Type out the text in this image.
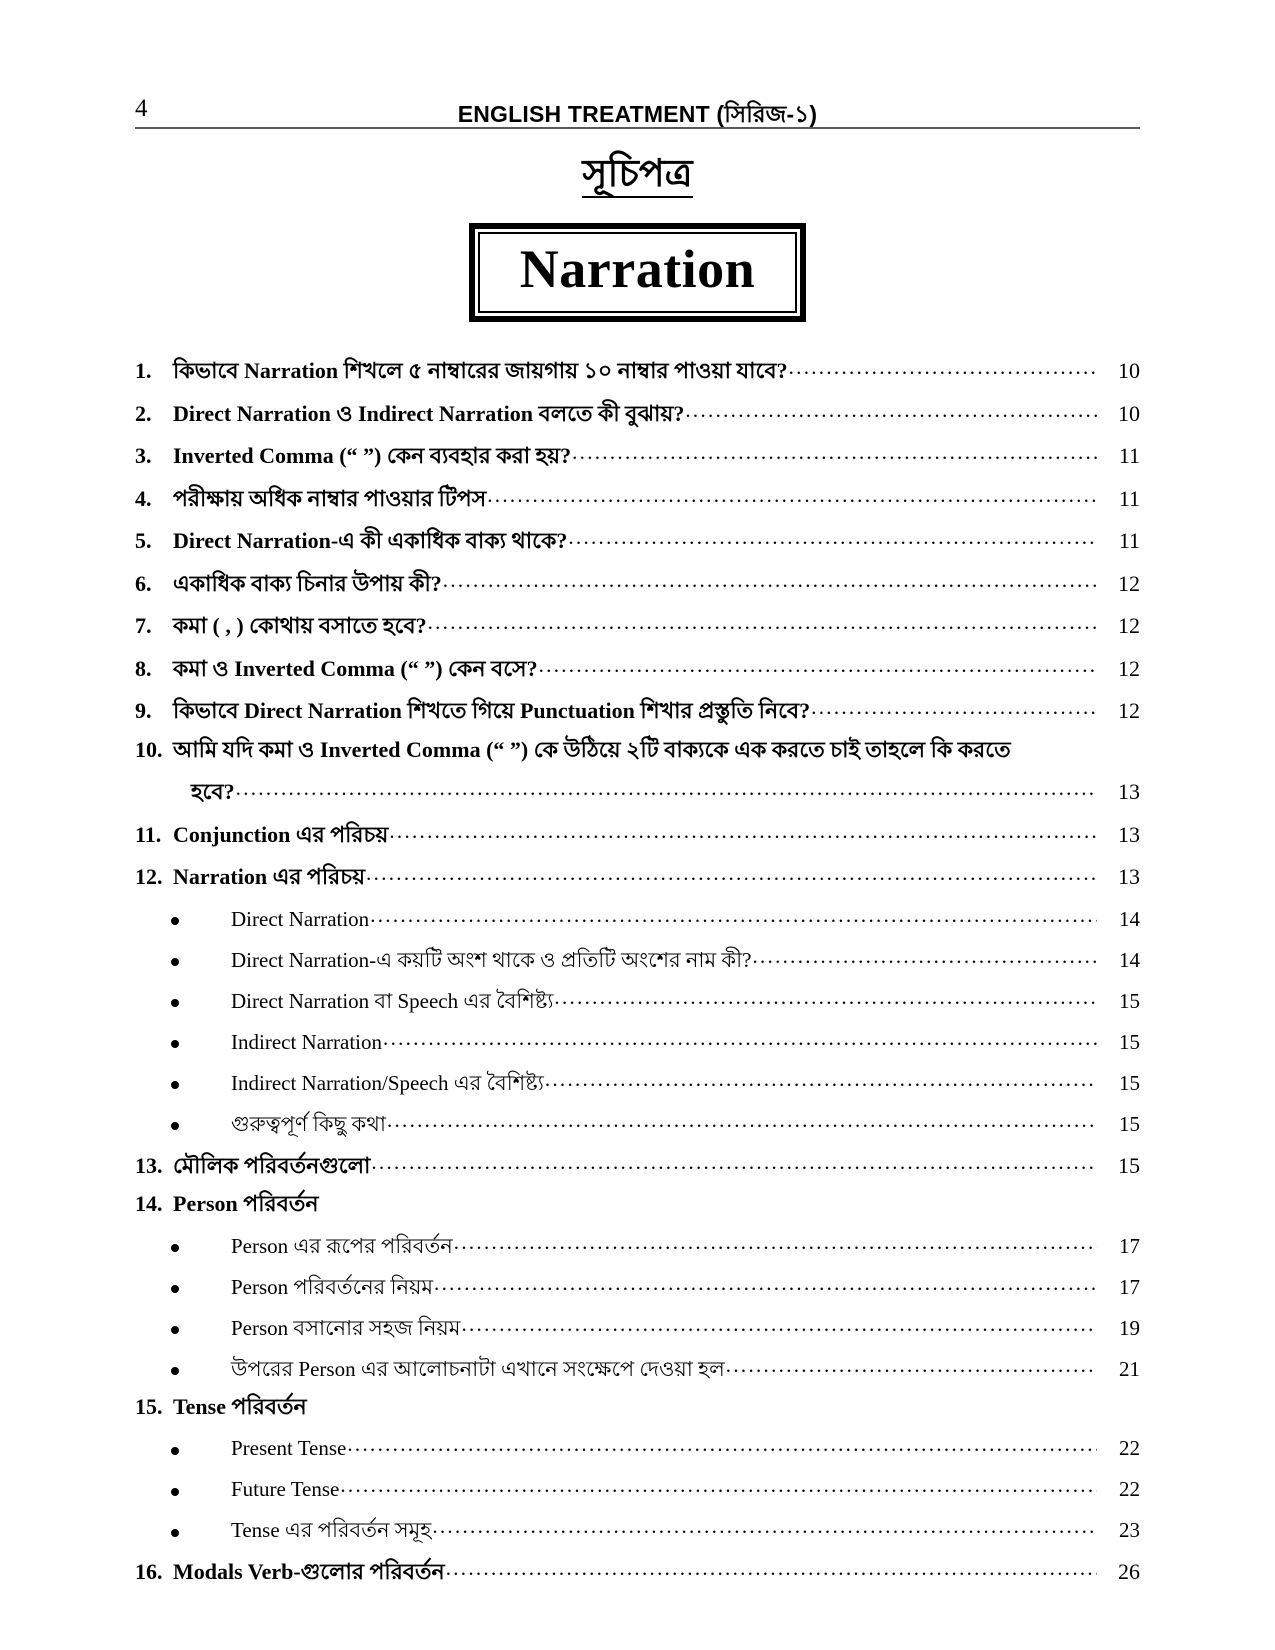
4	ENGLISH TREATMENT (সিরিজ-১)
সূচিপত্র
Narration
1. কিভাবে Narration শিখলে ৫ নাম্বারের জায়গায় ১০ নাম্বার পাওয়া যাবে? .....	10
2. Direct Narration ও Indirect Narration বলতে কী বুঝায়? .....	10
3. Inverted Comma (“ ”) কেন ব্যবহার করা হয়? .....	11
4. পরীক্ষায় অধিক নাম্বার পাওয়ার টিপস .....	11
5. Direct Narration-এ কী একাধিক বাক্য থাকে? .....	11
6. একাধিক বাক্য চিনার উপায় কী? .....	12
7. কমা ( , ) কোথায় বসাতে হবে? .....	12
8. কমা ও Inverted Comma (“ ”) কেন বসে? .....	12
9. কিভাবে Direct Narration শিখতে গিয়ে Punctuation শিখার প্রস্তুতি নিবে? .....	12
10. আমি যদি কমা ও Inverted Comma (“ ”) কে উঠিয়ে ২টি বাক্যকে এক করতে চাই তাহলে কি করতে
হবে? .....	13
11. Conjunction এর পরিচয় .....	13
12. Narration এর পরিচয় .....	13
Direct Narration .....	14
Direct Narration-এ কয়টি অংশ থাকে ও প্রতিটি অংশের নাম কী? .....	14
Direct Narration বা Speech এর বৈশিষ্ট্য .....	15
Indirect Narration .....	15
Indirect Narration/Speech এর বৈশিষ্ট্য .....	15
গুরুত্বপূর্ণ কিছু কথা .....	15
13. মৌলিক পরিবর্তনগুলো .....	15
14. Person পরিবর্তন
Person এর রূপের পরিবর্তন .....	17
Person পরিবর্তনের নিয়ম .....	17
Person বসানোর সহজ নিয়ম .....	19
উপরের Person এর আলোচনাটা এখানে সংক্ষেপে দেওয়া হল .....	21
15. Tense পরিবর্তন
Present Tense .....	22
Future Tense .....	22
Tense এর পরিবর্তন সমূহ .....	23
16. Modals Verb-গুলোর পরিবর্তন .....	26
